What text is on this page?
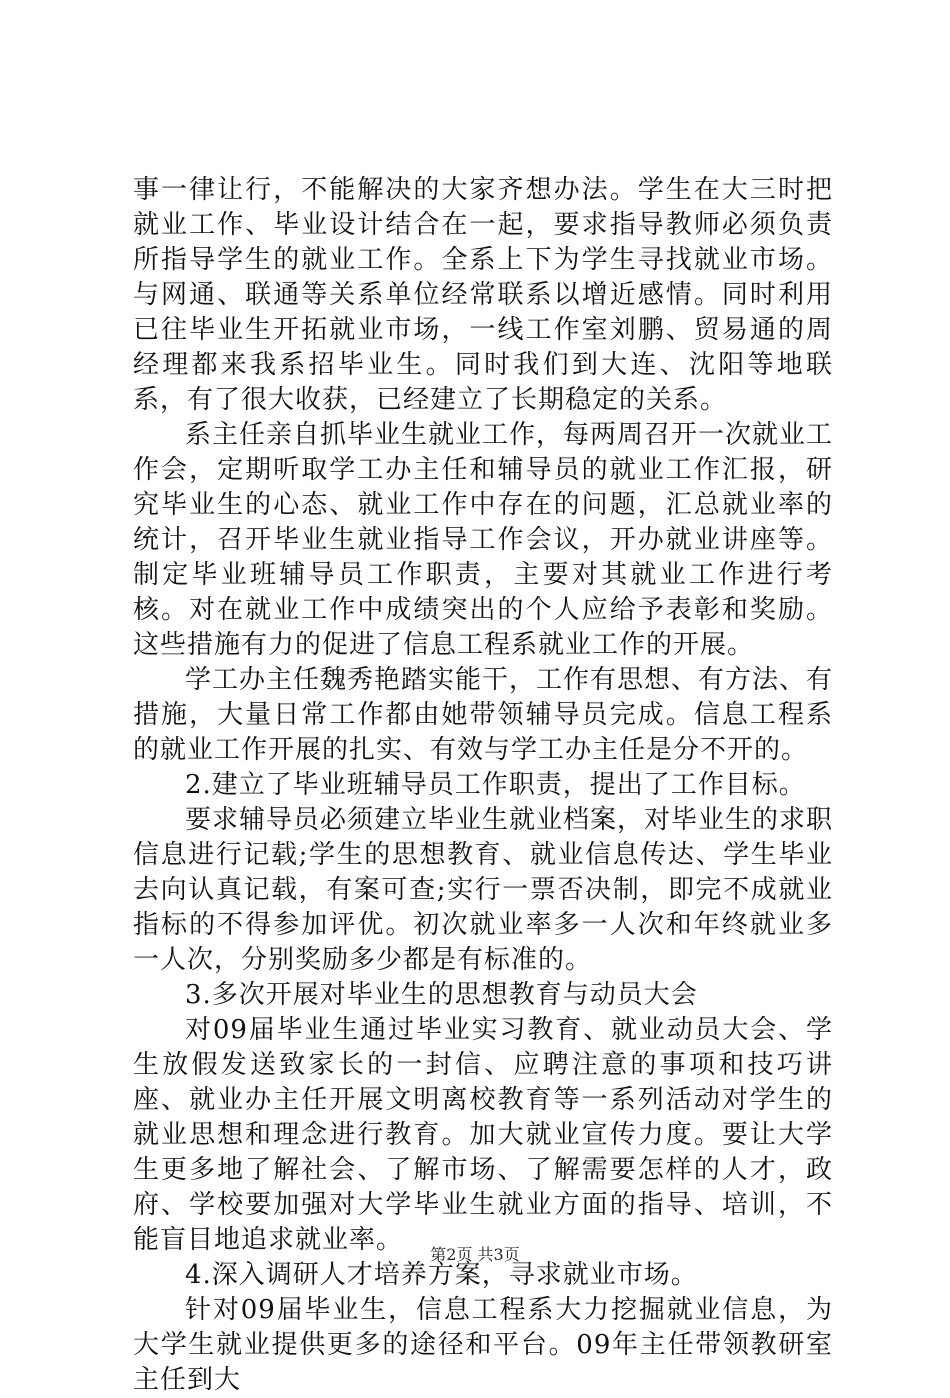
事一律让行，不能解决的大家齐想办法。学生在大三时把就业工作、毕业设计结合在一起，要求指导教师必须负责所指导学生的就业工作。全系上下为学生寻找就业市场。与网通、联通等关系单位经常联系以增近感情。同时利用已往毕业生开拓就业市场，一线工作室刘鹏、贸易通的周经理都来我系招毕业生。同时我们到大连、沈阳等地联系，有了很大收获，已经建立了长期稳定的关系。

系主任亲自抓毕业生就业工作，每两周召开一次就业工作会，定期听取学工办主任和辅导员的就业工作汇报，研究毕业生的心态、就业工作中存在的问题，汇总就业率的统计，召开毕业生就业指导工作会议，开办就业讲座等。制定毕业班辅导员工作职责，主要对其就业工作进行考核。对在就业工作中成绩突出的个人应给予表彰和奖励。这些措施有力的促进了信息工程系就业工作的开展。

学工办主任魏秀艳踏实能干，工作有思想、有方法、有措施，大量日常工作都由她带领辅导员完成。信息工程系的就业工作开展的扎实、有效与学工办主任是分不开的。

2.建立了毕业班辅导员工作职责，提出了工作目标。

要求辅导员必须建立毕业生就业档案，对毕业生的求职信息进行记载;学生的思想教育、就业信息传达、学生毕业去向认真记载，有案可查;实行一票否决制，即完不成就业指标的不得参加评优。初次就业率多一人次和年终就业多一人次，分别奖励多少都是有标准的。

3.多次开展对毕业生的思想教育与动员大会

对09届毕业生通过毕业实习教育、就业动员大会、学生放假发送致家长的一封信、应聘注意的事项和技巧讲座、就业办主任开展文明离校教育等一系列活动对学生的就业思想和理念进行教育。加大就业宣传力度。要让大学生更多地了解社会、了解市场、了解需要怎样的人才，政府、学校要加强对大学毕业生就业方面的指导、培训，不能盲目地追求就业率。

4.深入调研人才培养方案，寻求就业市场。

针对09届毕业生，信息工程系大力挖掘就业信息，为大学生就业提供更多的途径和平台。09年主任带领教研室主任到大

第2页 共3页
